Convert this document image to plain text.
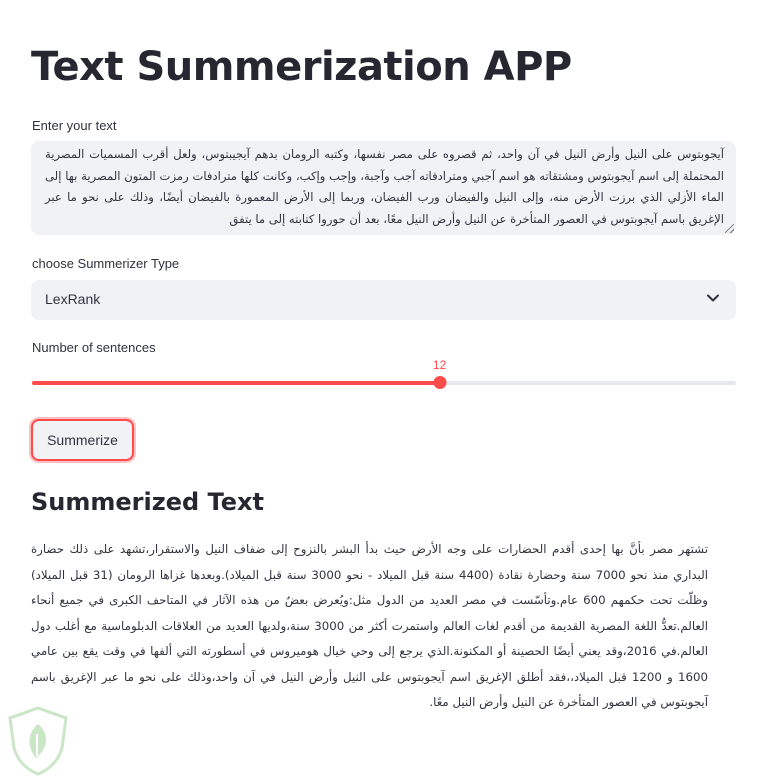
Text Summerization APP
Enter your text
آيجوبتوس على النيل وأرض النيل في آن واحد، ثم قصروه على مصر نفسها، وكتبه الرومان بدهم آيجيبتوس، ولعل أقرب المسميات المصرية المحتملة إلى اسم آيجوبتوس ومشتقاته هو اسم آجبي ومترادفاته آجب وآجبة، وإجب وإكب، وكانت كلها مترادفات رمزت المتون المصرية بها إلى الماء الأزلي الذي برزت الأرض منه، وإلى النيل والفيضان ورب الفيضان، وربما إلى الأرض المعمورة بالفيضان أيضًا، وذلك على نحو ما عبر الإغريق باسم آيجوبتوس في العصور المتأخرة عن النيل وأرض النيل معًا، بعد أن حوروا كتابته إلى ما يتفق
choose Summerizer Type
LexRank
Number of sentences
12
Summerize
Summerized Text

تشتهر مصر بأنَّ بها إحدى أقدم الحضارات على وجه الأرض حيث بدأ البشر بالنزوح إلى ضفاف النيل والاستقرار،تشهد على ذلك حضارة البداري منذ نحو 7000 سنة وحضارة نقادة (4400 سنة قبل الميلاد - نحو 3000 سنة قبل الميلاد).وبعدها غزاها الرومان (31 قبل الميلاد) وظلّت تحت حكمهم 600 عام.وتأسّست في مصر العديد من الدول مثل:ويُعرض بعضٌ من هذه الآثار في المتاحف الكبرى في جميع أنحاء العالم.تعدُّ اللغة المصرية القديمة من أقدم لغات العالم واستمرت أكثر من 3000 سنة،ولديها العديد من العلاقات الدبلوماسية مع أغلب دول العالم.في 2016،وقد يعني أيضًا الحصينة أو المكنونة.الذي يرجع إلى وحي خيال هوميروس في أسطورته التي ألفها في وقت يقع بين عامي 1600 و 1200 قبل الميلاد،،فقد أطلق الإغريق اسم آيجوبتوس على النيل وأرض النيل في آن واحد،وذلك على نحو ما عبر الإغريق باسم آيجوبتوس في العصور المتأخرة عن النيل وأرض النيل معًا.
